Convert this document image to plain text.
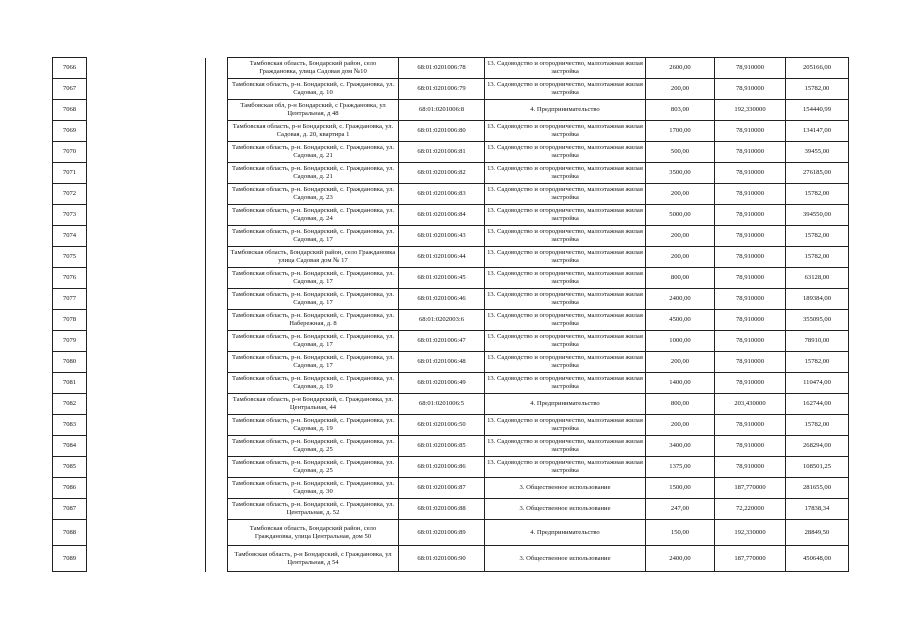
7066			Тамбовская область, Бондарский район, село Граждановка, улица Садовая дом №10	68:01:0201006:78	13. Садоводство и огородничество, малоэтажная жилая застройка	2600,00	78,910000	205166,00
7067			Тамбовская область, р-н. Бондарский, с. Граждановка, ул. Садовая, д. 10	68:01:0201006:79	13. Садоводство и огородничество, малоэтажная жилая застройка	200,00	78,910000	15782,00
7068			Тамбовская обл, р-н Бондарский, с Граждановка, ул Центральная, д 48	68:01:0201006:8	4. Предпринимательство	803,00	192,330000	154440,99
7069			Тамбовская область, р-н Бондарский, с. Граждановка, ул. Садовая, д. 20, квартира 1	68:01:0201006:80	13. Садоводство и огородничество, малоэтажная жилая застройка	1700,00	78,910000	134147,00
7070			Тамбовская область, р-н. Бондарский, с. Граждановка, ул. Садовая, д. 21	68:01:0201006:81	13. Садоводство и огородничество, малоэтажная жилая застройка	500,00	78,910000	39455,00
7071			Тамбовская область, р-н. Бондарский, с. Граждановка, ул. Садовая, д. 21	68:01:0201006:82	13. Садоводство и огородничество, малоэтажная жилая застройка	3500,00	78,910000	276185,00
7072			Тамбовская область, р-н. Бондарский, с. Граждановка, ул. Садовая, д. 23	68:01:0201006:83	13. Садоводство и огородничество, малоэтажная жилая застройка	200,00	78,910000	15782,00
7073			Тамбовская область, р-н. Бондарский, с. Граждановка, ул. Садовая, д. 24	68:01:0201006:84	13. Садоводство и огородничество, малоэтажная жилая застройка	5000,00	78,910000	394550,00
7074			Тамбовская область, р-н. Бондарский, с. Граждановка, ул. Садовая, д. 17	68:01:0201006:43	13. Садоводство и огородничество, малоэтажная жилая застройка	200,00	78,910000	15782,00
7075			Тамбовская область, Бондарский район, село Граждановка улица Садовая дом № 17	68:01:0201006:44	13. Садоводство и огородничество, малоэтажная жилая застройка	200,00	78,910000	15782,00
7076			Тамбовская область, р-н. Бондарский, с. Граждановка, ул. Садовая, д. 17	68:01:0201006:45	13. Садоводство и огородничество, малоэтажная жилая застройка	800,00	78,910000	63128,00
7077			Тамбовская область, р-н. Бондарский, с. Граждановка, ул. Садовая, д. 17	68:01:0201006:46	13. Садоводство и огородничество, малоэтажная жилая застройка	2400,00	78,910000	189384,00
7078			Тамбовская область, р-н. Бондарский, с. Граждановка, ул. Набережная, д. 8	68:01:0202003:6	13. Садоводство и огородничество, малоэтажная жилая застройка	4500,00	78,910000	355095,00
7079			Тамбовская область, р-н. Бондарский, с. Граждановка, ул. Садовая, д. 17	68:01:0201006:47	13. Садоводство и огородничество, малоэтажная жилая застройка	1000,00	78,910000	78910,00
7080			Тамбовская область, р-н. Бондарский, с. Граждановка, ул. Садовая, д. 17	68:01:0201006:48	13. Садоводство и огородничество, малоэтажная жилая застройка	200,00	78,910000	15782,00
7081			Тамбовская область, р-н. Бондарский, с. Граждановка, ул. Садовая, д. 19	68:01:0201006:49	13. Садоводство и огородничество, малоэтажная жилая застройка	1400,00	78,910000	110474,00
7082			Тамбовская область, р-н Бондарский, с. Граждановка, ул. Центральная, 44	68:01:0201006:5	4. Предпринимательство	800,00	203,430000	162744,00
7083			Тамбовская область, р-н. Бондарский, с. Граждановка, ул. Садовая, д. 19	68:01:0201006:50	13. Садоводство и огородничество, малоэтажная жилая застройка	200,00	78,910000	15782,00
7084			Тамбовская область, р-н. Бондарский, с. Граждановка, ул. Садовая, д. 25	68:01:0201006:85	13. Садоводство и огородничество, малоэтажная жилая застройка	3400,00	78,910000	268294,00
7085			Тамбовская область, р-н. Бондарский, с. Граждановка, ул. Садовая, д. 25	68:01:0201006:86	13. Садоводство и огородничество, малоэтажная жилая застройка	1375,00	78,910000	108501,25
7086			Тамбовская область, р-н. Бондарский, с. Граждановка, ул. Садовая, д. 30	68:01:0201006:87	3. Общественное использование	1500,00	187,770000	281655,00
7087			Тамбовская область, р-н. Бондарский, с. Граждановка, ул. Центральная, д. 52	68:01:0201006:88	3. Общественное использование	247,00	72,220000	17838,34
7088			Тамбовская область, Бондарский район, село Граждановка, улица Центральная, дом 50	68:01:0201006:89	4. Предпринимательство	150,00	192,330000	28849,50
7089			Тамбовская область, р-н Бондарский, с Граждановка, ул Центральная, д 54	68:01:0201006:90	3. Общественное использование	2400,00	187,770000	450648,00
